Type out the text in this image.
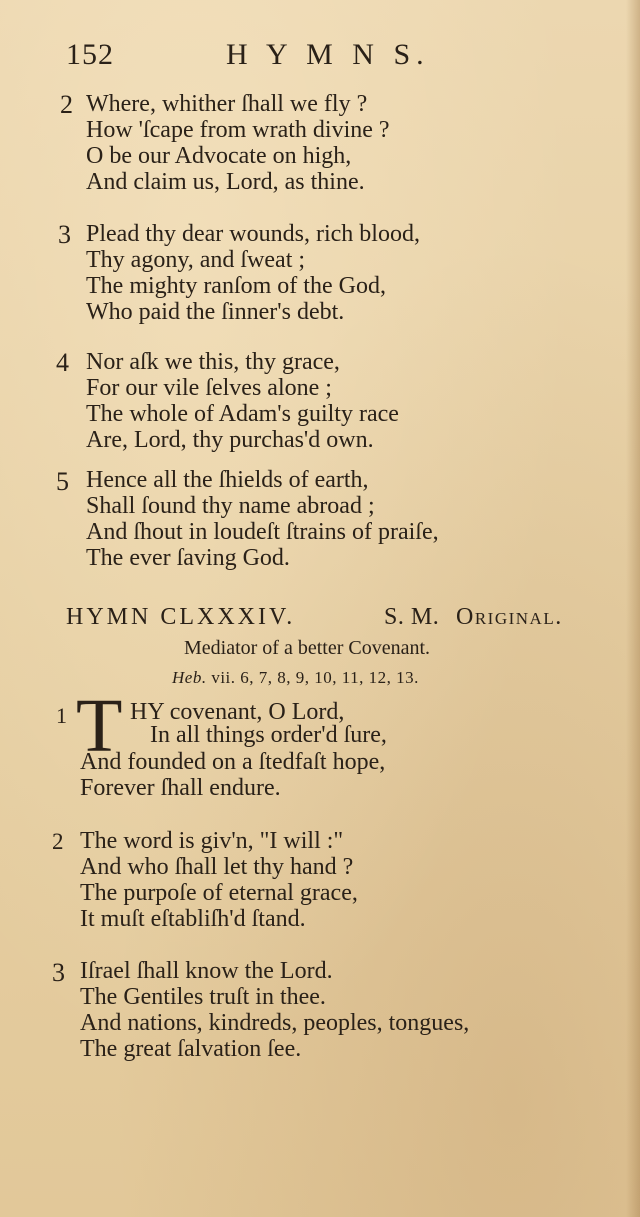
152	H Y M N S.
2 Where, whither ſhall we fly ?
How 'ſcape from wrath divine ?
O be our Advocate on high,
And claim us, Lord, as thine.
3 Plead thy dear wounds, rich blood,
Thy agony, and ſweat ;
The mighty ranſom of the God,
Who paid the ſinner's debt.
4 Nor aſk we this, thy grace,
For our vile ſelves alone ;
The whole of Adam's guilty race
Are, Lord, thy purchas'd own.
5 Hence all the ſhields of earth,
Shall ſound thy name abroad ;
And ſhout in loudeſt ſtrains of praiſe,
The ever ſaving God.
HYMN CLXXXIV.	S. M. Original.
Mediator of a better Covenant.
Heb. vii. 6, 7, 8, 9, 10, 11, 12, 13.
1 T HY covenant, O Lord,
In all things order'd ſure,
And founded on a ſtedfaſt hope,
Forever ſhall endure.
2 The word is giv'n, "I will :"
And who ſhall let thy hand ?
The purpoſe of eternal grace,
It muſt eſtabliſh'd ſtand.
3 Iſrael ſhall know the Lord.
The Gentiles truſt in thee.
And nations, kindreds, peoples, tongues,
The great ſalvation ſee.
